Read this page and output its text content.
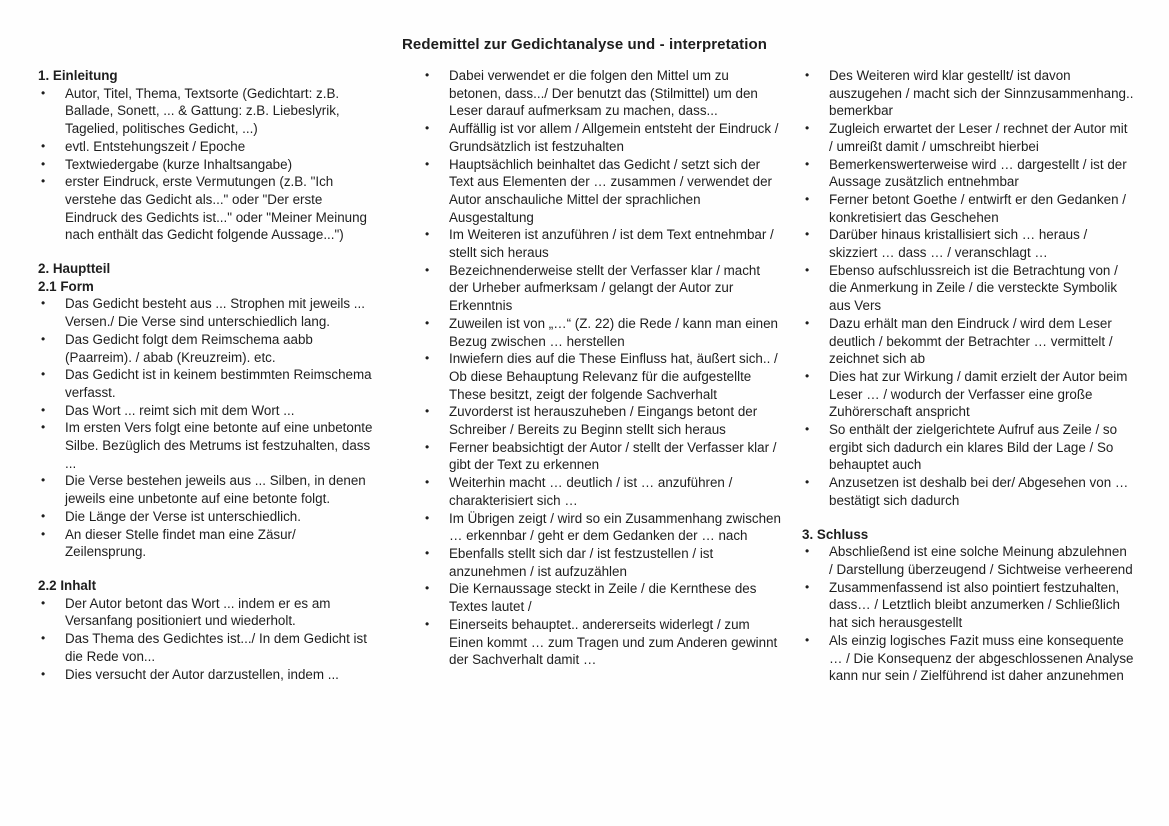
Redemittel zur Gedichtanalyse und - interpretation
1. Einleitung
•	Autor, Titel, Thema, Textsorte (Gedichtart: z.B. Ballade, Sonett, ... & Gattung: z.B. Liebeslyrik, Tagelied, politisches Gedicht, ...)
•	evtl. Entstehungszeit / Epoche
•	Textwiedergabe (kurze Inhaltsangabe)
•	erster Eindruck, erste Vermutungen (z.B. "Ich verstehe das Gedicht als..." oder "Der erste Eindruck des Gedichts ist..." oder "Meiner Meinung nach enthält das Gedicht folgende Aussage...")
2. Hauptteil
2.1 Form
•	Das Gedicht besteht aus ... Strophen mit jeweils ... Versen./ Die Verse sind unterschiedlich lang.
•	Das Gedicht folgt dem Reimschema aabb (Paarreim). / abab (Kreuzreim). etc.
•	Das Gedicht ist in keinem bestimmten Reimschema verfasst.
•	Das Wort ... reimt sich mit dem Wort ...
•	Im ersten Vers folgt eine betonte auf eine unbetonte Silbe. Bezüglich des Metrums ist festzuhalten, dass ...
•	Die Verse bestehen jeweils aus ... Silben, in denen jeweils eine unbetonte auf eine betonte folgt.
•	Die Länge der Verse ist unterschiedlich.
•	An dieser Stelle findet man eine Zäsur/ Zeilensprung.
2.2 Inhalt
•	Der Autor betont das Wort ... indem er es am Versanfang positioniert und wiederholt.
•	Das Thema des Gedichtes ist.../ In dem Gedicht ist die Rede von...
•	Dies versucht der Autor darzustellen, indem ...
•	Dabei verwendet er die folgen den Mittel um zu betonen, dass.../ Der benutzt das (Stilmittel) um den Leser darauf aufmerksam zu machen, dass...
•	Auffällig ist vor allem / Allgemein entsteht der Eindruck / Grundsätzlich ist festzuhalten
•	Hauptsächlich beinhaltet das Gedicht / setzt sich der Text aus Elementen der … zusammen / verwendet der Autor anschauliche Mittel der sprachlichen Ausgestaltung
•	Im Weiteren ist anzuführen / ist dem Text entnehmbar / stellt sich heraus
•	Bezeichnenderweise stellt der Verfasser klar / macht der Urheber aufmerksam / gelangt der Autor zur Erkenntnis
•	Zuweilen ist von „…“ (Z. 22) die Rede / kann man einen Bezug zwischen … herstellen
•	Inwiefern dies auf die These Einfluss hat, äußert sich.. / Ob diese Behauptung Relevanz für die aufgestellte These besitzt, zeigt der folgende Sachverhalt
•	Zuvorderst ist herauszuheben / Eingangs betont der Schreiber / Bereits zu Beginn stellt sich heraus
•	Ferner beabsichtigt der Autor / stellt der Verfasser klar / gibt der Text zu erkennen
•	Weiterhin macht … deutlich / ist … anzuführen / charakterisiert sich …
•	Im Übrigen zeigt / wird so ein Zusammenhang zwischen … erkennbar / geht er dem Gedanken der … nach
•	Ebenfalls stellt sich dar / ist festzustellen / ist anzunehmen / ist aufzuzählen
•	Die Kernaussage steckt in Zeile / die Kernthese des Textes lautet /
•	Einerseits behauptet.. andererseits widerlegt / zum Einen kommt … zum Tragen und zum Anderen gewinnt der Sachverhalt damit …
•	Des Weiteren wird klar gestellt/ ist davon auszugehen / macht sich der Sinnzusammenhang.. bemerkbar
•	Zugleich erwartet der Leser / rechnet der Autor mit / umreißt damit / umschreibt hierbei
•	Bemerkenswerterweise wird … dargestellt / ist der Aussage zusätzlich entnehmbar
•	Ferner betont Goethe / entwirft er den Gedanken / konkretisiert das Geschehen
•	Darüber hinaus kristallisiert sich … heraus / skizziert … dass … / veranschlagt …
•	Ebenso aufschlussreich ist die Betrachtung von / die Anmerkung in Zeile / die versteckte Symbolik aus Vers
•	Dazu erhält man den Eindruck / wird dem Leser deutlich / bekommt der Betrachter … vermittelt / zeichnet sich ab
•	Dies hat zur Wirkung / damit erzielt der Autor beim Leser … / wodurch der Verfasser eine große Zuhörerschaft anspricht
•	So enthält der zielgerichtete Aufruf aus Zeile / so ergibt sich dadurch ein klares Bild der Lage / So behauptet auch
•	Anzusetzen ist deshalb bei der/ Abgesehen von … bestätigt sich dadurch
3. Schluss
•	Abschließend ist eine solche Meinung abzulehnen / Darstellung überzeugend / Sichtweise verheerend
•	Zusammenfassend ist also pointiert festzuhalten, dass… / Letztlich bleibt anzumerken / Schließlich hat sich herausgestellt
•	Als einzig logisches Fazit muss eine konsequente … / Die Konsequenz der abgeschlossenen Analyse kann nur sein / Zielführend ist daher anzunehmen
